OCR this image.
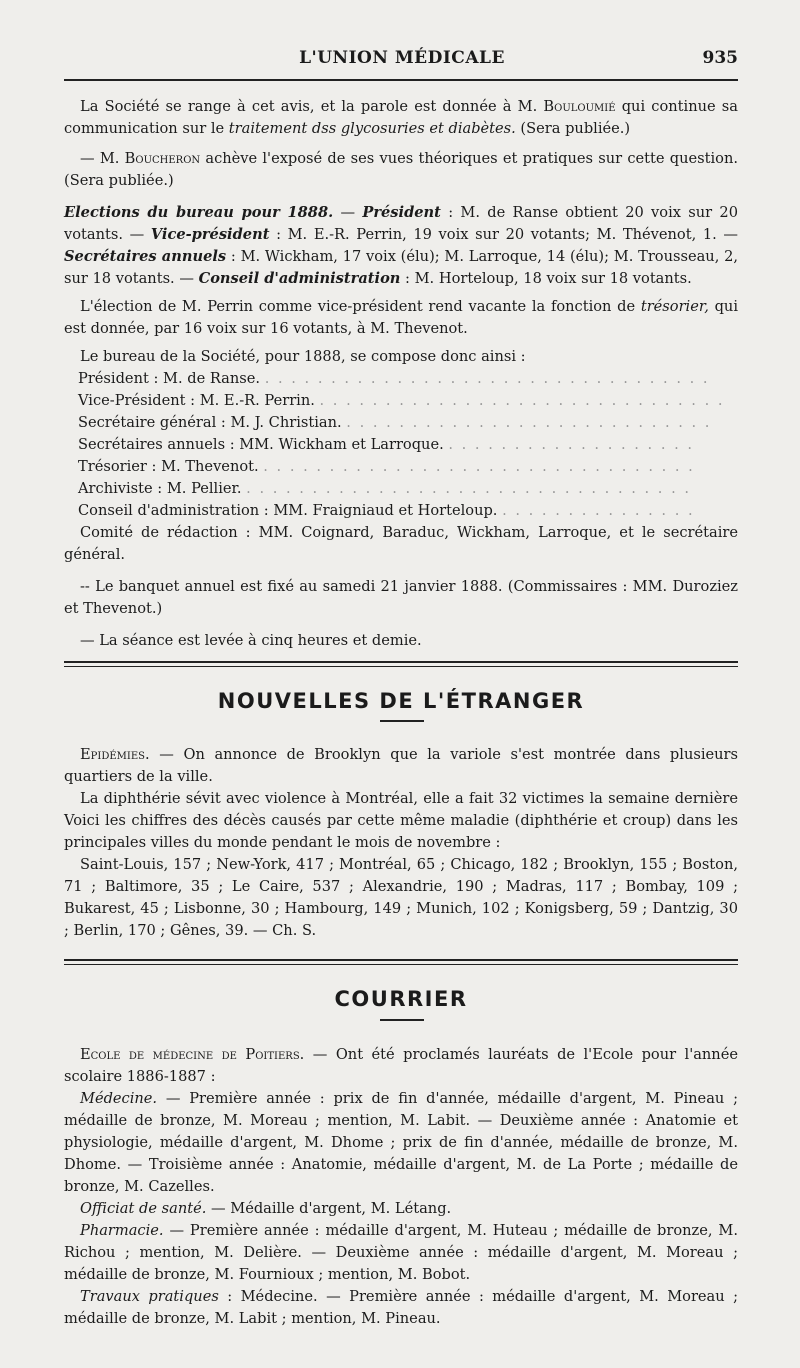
L'UNION MÉDICALE	935

La Société se range à cet avis, et la parole est donnée à M. Bouloumié qui continue sa communication sur le traitement dss glycosuries et diabètes. (Sera publiée.)

— M. Boucheron achève l'exposé de ses vues théoriques et pratiques sur cette question. (Sera publiée.)

Elections du bureau pour 1888. — Président : M. de Ranse obtient 20 voix sur 20 votants. — Vice-président : M. E.-R. Perrin, 19 voix sur 20 votants; M. Thévenot, 1. — Secrétaires annuels : M. Wickham, 17 voix (élu); M. Larroque, 14 (élu); M. Trousseau, 2, sur 18 votants. — Conseil d'administration : M. Horteloup, 18 voix sur 18 votants.

L'élection de M. Perrin comme vice-président rend vacante la fonction de trésorier, qui est donnée, par 16 voix sur 16 votants, à M. Thevenot.

Le bureau de la Société, pour 1888, se compose donc ainsi :

Président : M. de Ranse. . . . . . . . . . . . . . . . . . . . . . . . . . . . . . . . . . .
Vice-Président : M. E.-R. Perrin. . . . . . . . . . . . . . . . . . . . . . . . . . . . . . . .
Secrétaire général : M. J. Christian. . . . . . . . . . . . . . . . . . . . . . . . . . . . .
Secrétaires annuels : MM. Wickham et Larroque. . . . . . . . . . . . . . . . . . . .
Trésorier : M. Thevenot. . . . . . . . . . . . . . . . . . . . . . . . . . . . . . . . . .
Archiviste : M. Pellier. . . . . . . . . . . . . . . . . . . . . . . . . . . . . . . . . . .
Conseil d'administration : MM. Fraigniaud et Horteloup. . . . . . . . . . . . . . . .

Comité de rédaction : MM. Coignard, Baraduc, Wickham, Larroque, et le secrétaire général.

-- Le banquet annuel est fixé au samedi 21 janvier 1888. (Commissaires : MM. Duroziez et Thevenot.)

— La séance est levée à cinq heures et demie.

NOUVELLES DE L'ÉTRANGER

Epidémies. — On annonce de Brooklyn que la variole s'est montrée dans plusieurs quartiers de la ville.

La diphthérie sévit avec violence à Montréal, elle a fait 32 victimes la semaine dernière Voici les chiffres des décès causés par cette même maladie (diphthérie et croup) dans les principales villes du monde pendant le mois de novembre :

Saint-Louis, 157 ; New-York, 417 ; Montréal, 65 ; Chicago, 182 ; Brooklyn, 155 ; Boston, 71 ; Baltimore, 35 ; Le Caire, 537 ; Alexandrie, 190 ; Madras, 117 ; Bombay, 109 ; Bukarest, 45 ; Lisbonne, 30 ; Hambourg, 149 ; Munich, 102 ; Konigsberg, 59 ; Dantzig, 30 ; Berlin, 170 ; Gênes, 39. — Ch. S.

COURRIER

Ecole de médecine de Poitiers. — Ont été proclamés lauréats de l'Ecole pour l'année scolaire 1886-1887 :

Médecine. — Première année : prix de fin d'année, médaille d'argent, M. Pineau ; médaille de bronze, M. Moreau ; mention, M. Labit. — Deuxième année : Anatomie et physiologie, médaille d'argent, M. Dhome ; prix de fin d'année, médaille de bronze, M. Dhome. — Troisième année : Anatomie, médaille d'argent, M. de La Porte ; médaille de bronze, M. Cazelles.

Officiat de santé. — Médaille d'argent, M. Létang.

Pharmacie. — Première année : médaille d'argent, M. Huteau ; médaille de bronze, M. Richou ; mention, M. Delière. — Deuxième année : médaille d'argent, M. Moreau ; médaille de bronze, M. Fournioux ; mention, M. Bobot.

Travaux pratiques : Médecine. — Première année : médaille d'argent, M. Moreau ; médaille de bronze, M. Labit ; mention, M. Pineau.
